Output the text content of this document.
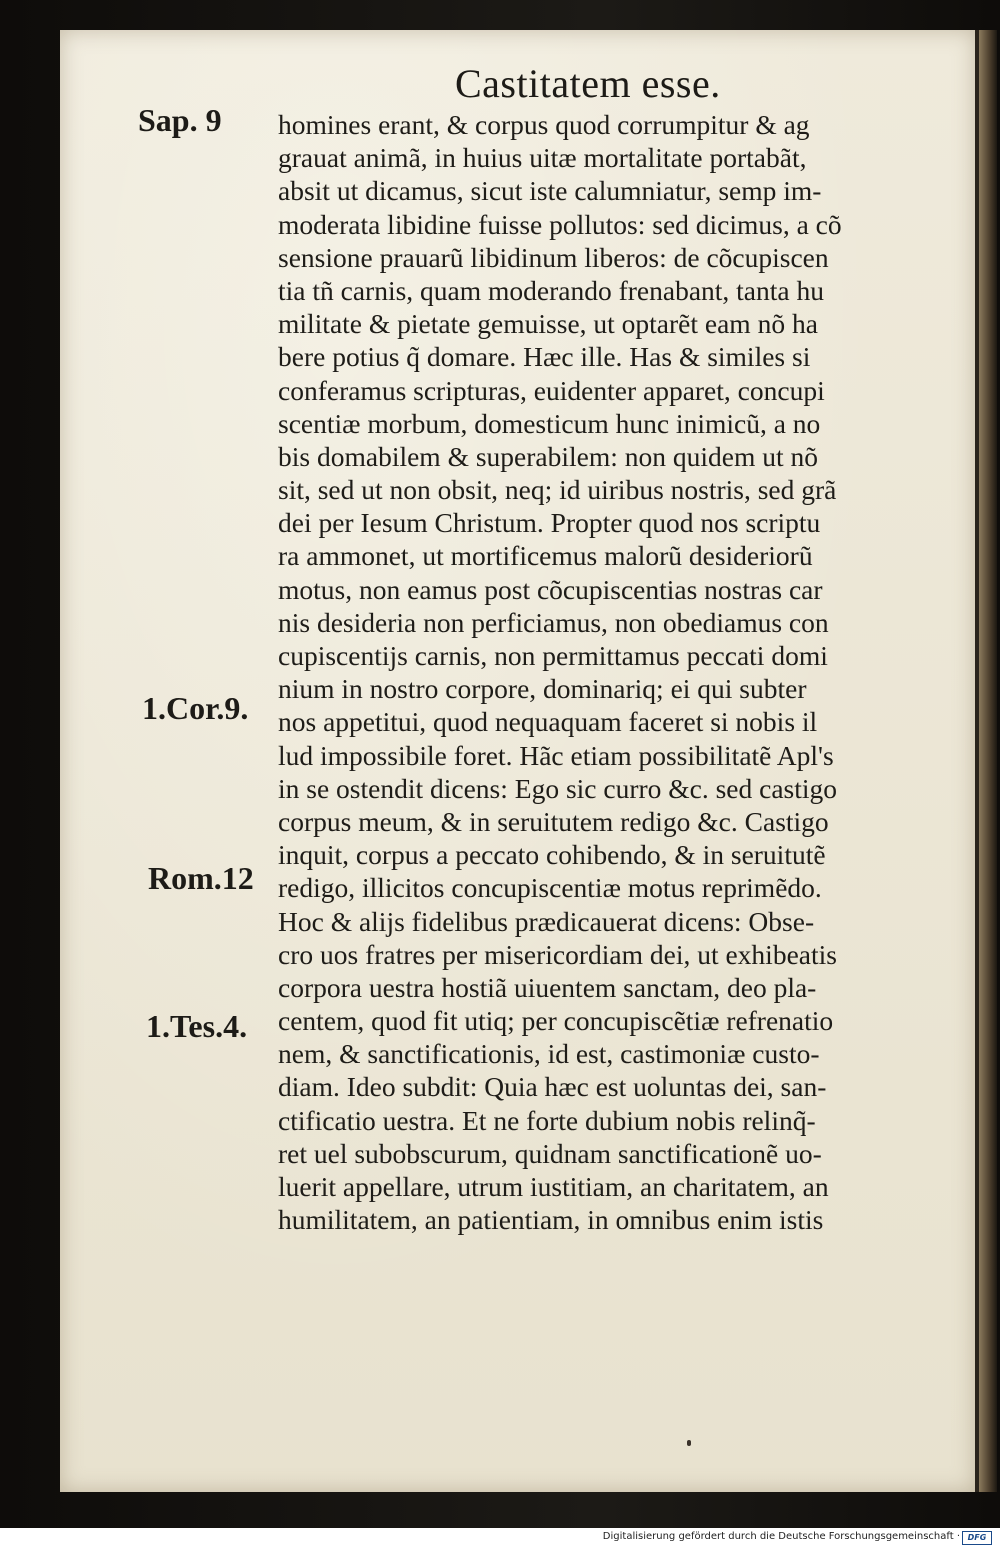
Castitatem esse.
Sap. 9
1.Cor.9.
Rom.12
1.Tes.4.
homines erant, & corpus quod corrumpitur & ag
grauat animã, in huius uitæ mortalitate portabãt,
absit ut dicamus, sicut iste calumniatur, semp im-
moderata libidine fuisse pollutos: sed dicimus, a cõ
sensione prauarũ libidinum liberos: de cõcupiscen
tia tñ carnis, quam moderando frenabant, tanta hu
militate & pietate gemuisse, ut optarẽt eam nõ ha
bere potius q̃ domare. Hæc ille. Has & similes si
conferamus scripturas, euidenter apparet, concupi
scentiæ morbum, domesticum hunc inimicũ, a no
bis domabilem & superabilem: non quidem ut nõ
sit, sed ut non obsit, neq; id uiribus nostris, sed grã
dei per Iesum Christum. Propter quod nos scriptu
ra ammonet, ut mortificemus malorũ desideriorũ
motus, non eamus post cõcupiscentias nostras car
nis desideria non perficiamus, non obediamus con
cupiscentijs carnis, non permittamus peccati domi
nium in nostro corpore, dominariq; ei qui subter
nos appetitui, quod nequaquam faceret si nobis il
lud impossibile foret. Hãc etiam possibilitatẽ Apl's
in se ostendit dicens: Ego sic curro &c. sed castigo
corpus meum, & in seruitutem redigo &c. Castigo
inquit, corpus a peccato cohibendo, & in seruitutẽ
redigo, illicitos concupiscentiæ motus reprimẽdo.
Hoc & alijs fidelibus prædicauerat dicens: Obse-
cro uos fratres per misericordiam dei, ut exhibeatis
corpora uestra hostiã uiuentem sanctam, deo pla-
centem, quod fit utiq; per concupiscẽtiæ refrenatio
nem, & sanctificationis, id est, castimoniæ custo-
diam. Ideo subdit: Quia hæc est uoluntas dei, san-
ctificatio uestra. Et ne forte dubium nobis relinq̃-
ret uel subobscurum, quidnam sanctificationẽ uo-
luerit appellare, utrum iustitiam, an charitatem, an
humilitatem, an patientiam, in omnibus enim istis
Digitalisierung gefördert durch die Deutsche Forschungsgemeinschaft · DFG
